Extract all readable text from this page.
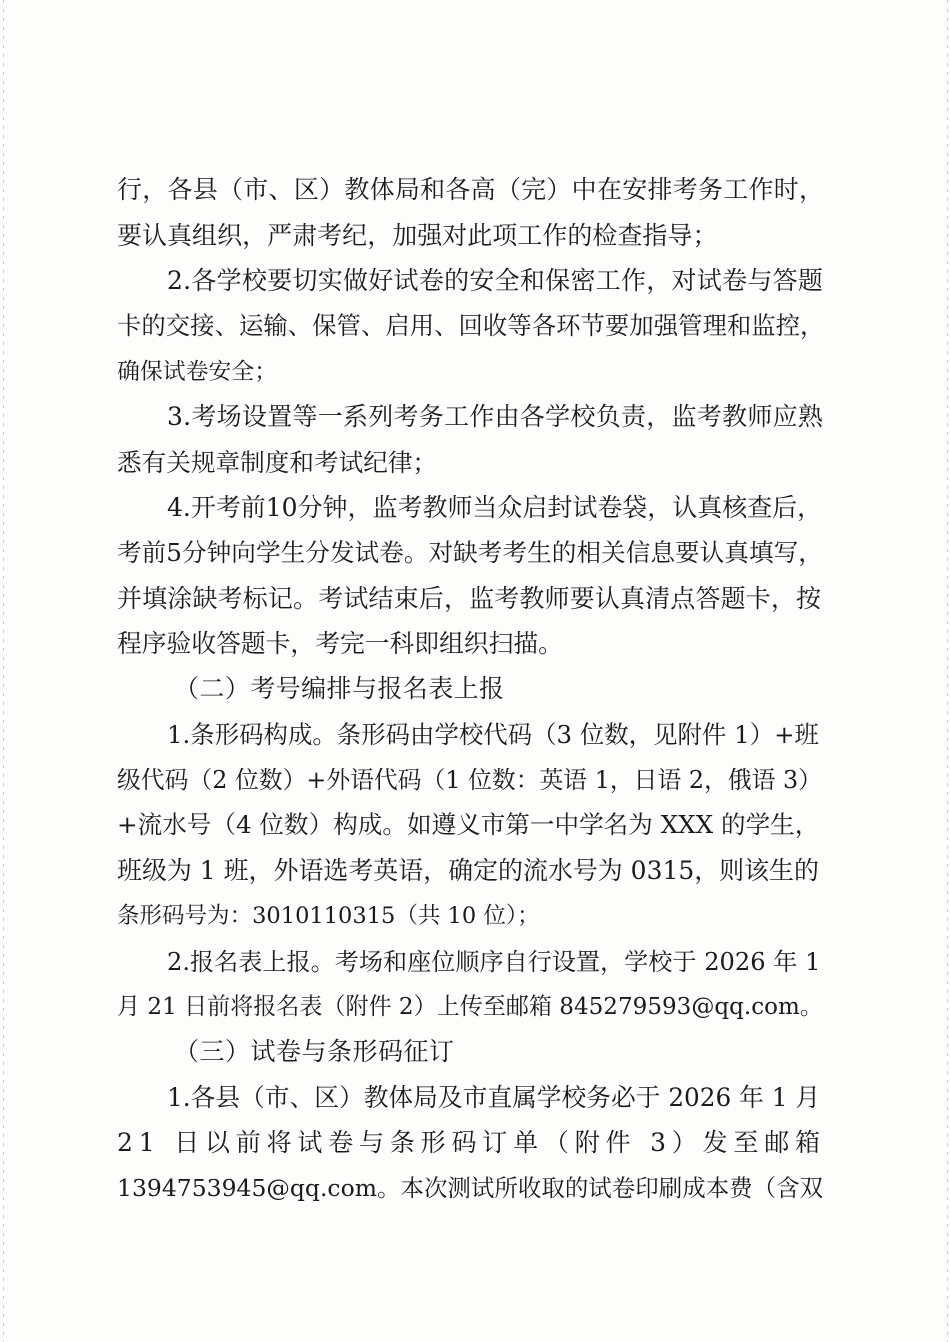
行，各县（市、区）教体局和各高（完）中在安排考务工作时，

要认真组织，严肃考纪，加强对此项工作的检查指导；

2.各学校要切实做好试卷的安全和保密工作，对试卷与答题

卡的交接、运输、保管、启用、回收等各环节要加强管理和监控，

确保试卷安全；

3.考场设置等一系列考务工作由各学校负责，监考教师应熟

悉有关规章制度和考试纪律；

4.开考前10分钟，监考教师当众启封试卷袋，认真核查后，

考前5分钟向学生分发试卷。对缺考考生的相关信息要认真填写，

并填涂缺考标记。考试结束后，监考教师要认真清点答题卡，按

程序验收答题卡，考完一科即组织扫描。

（二）考号编排与报名表上报

1.条形码构成。条形码由学校代码（3 位数，见附件 1）+班

级代码（2 位数）+外语代码（1 位数：英语 1，日语 2，俄语 3）

+流水号（4 位数）构成。如遵义市第一中学名为 XXX 的学生，

班级为 1 班，外语选考英语，确定的流水号为 0315，则该生的

条形码号为：3010110315（共 10 位）；

2.报名表上报。考场和座位顺序自行设置，学校于 2026 年 1

月 21 日前将报名表（附件 2）上传至邮箱 845279593@qq.com。

（三）试卷与条形码征订

1.各县（市、区）教体局及市直属学校务必于 2026 年 1 月

21 日以前将试卷与条形码订单（附件 3）发至邮箱

1394753945@qq.com。本次测试所收取的试卷印刷成本费（含双
